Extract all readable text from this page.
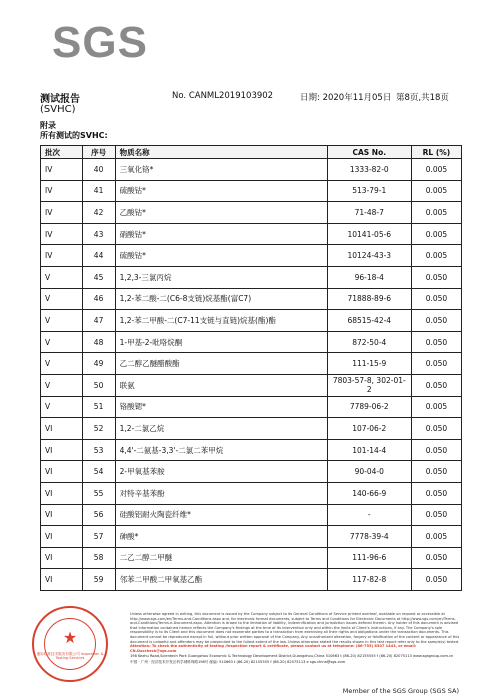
SGS
测试报告	No. CANML2019103902	日期: 2020年11月05日 第8页,共18页
(SVHC)
附录
所有测试的SVHC:
批次	序号	物质名称	CAS No.	RL (%)
IV	40	三氧化铬*	1333-82-0	0.005
IV	41	硫酸钴*	513-79-1	0.005
IV	42	乙酸钴*	71-48-7	0.005
IV	43	硝酸钴*	10141-05-6	0.005
IV	44	硫酸钴*	10124-43-3	0.005
V	45	1,2,3-三氯丙烷	96-18-4	0.050
V	46	1,2-苯二酸-二(C6-8支链)烷基酯(富C7)	71888-89-6	0.050
V	47	1,2-苯二甲酸-二(C7-11支链与直链)烷基(酯)酯	68515-42-4	0.050
V	48	1-甲基-2-吡咯烷酮	872-50-4	0.050
V	49	乙二醇乙醚醋酸酯	111-15-9	0.050
V	50	联氨	7803-57-8, 302-01-2	0.050
V	51	铬酸锶*	7789-06-2	0.005
VI	52	1,2-二氯乙烷	107-06-2	0.050
VI	53	4,4'-二氨基-3,3'-二氯二苯甲烷	101-14-4	0.050
VI	54	2-甲氧基苯胺	90-04-0	0.050
VI	55	对特辛基苯酚	140-66-9	0.050
VI	56	硅酸铝耐火陶瓷纤维*	-	0.050
VI	57	砷酸*	7778-39-4	0.005
VI	58	二乙二醇二甲醚	111-96-6	0.050
VI	59	邻苯二甲酸二甲氧基乙酯	117-82-8	0.050
★
通标标准技术服务有限公司 Inspection & Testing Services
Unless otherwise agreed in writing, this document is issued by the Company subject to its General Conditions of Service printed overleaf, available on request or accessible at http://www.sgs.com/en/Terms-and-Conditions.aspx and, for electronic format documents, subject to Terms and Conditions for Electronic Documents at http://www.sgs.com/en/Terms-and-Conditions/Terms-e-Document.aspx. Attention is drawn to the limitation of liability, indemnification and jurisdiction issues defined therein. Any holder of this document is advised that information contained hereon reflects the Company's findings at the time of its intervention only and within the limits of Client's instructions, if any. The Company's sole responsibility is to its Client and this document does not exonerate parties to a transaction from exercising all their rights and obligations under the transaction documents. This document cannot be reproduced except in full, without prior written approval of the Company. Any unauthorized alteration, forgery or falsification of the content or appearance of this document is unlawful and offenders may be prosecuted to the fullest extent of the law. Unless otherwise stated the results shown in this test report refer only to the sample(s) tested.
Attention: To check the authenticity of testing /inspection report & certificate, please contact us at telephone: (86-755) 8307 1443, or email: CN.Doccheck@sgs.com
198 Kezhu Road,Scientech Park Guangzhou Economic & Technology Development District,Guangzhou,China 510663 t (86-20) 82155555 f (86-20) 82075113 www.sgsgroup.com.cn
中国 · 广州 · 经济技术开发区科学城科珠路198号 邮编: 510663 t (86-20) 82155555 f (86-20) 82075113 e sgs.china@sgs.com
Member of the SGS Group (SGS SA)
